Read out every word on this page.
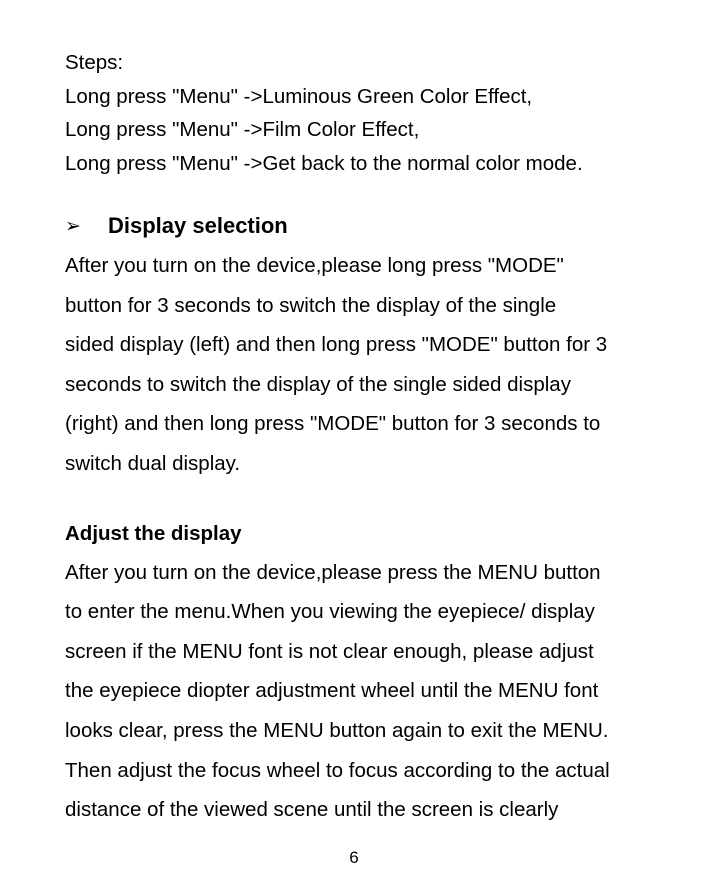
Steps:
Long press "Menu" ->Luminous Green Color Effect,
Long press "Menu" ->Film Color Effect,
Long press "Menu" ->Get back to the normal color mode.
➢	Display selection
After you turn on the device,please long press "MODE"
button for 3 seconds to switch the display of the single
sided display (left) and then long press "MODE" button for 3
seconds to switch the display of the single sided display
(right) and then long press "MODE" button for 3 seconds to
switch dual display.
Adjust the display
After you turn on the device,please press the MENU button
to enter the menu.When you viewing the eyepiece/ display
screen if the MENU font is not clear enough, please adjust
the eyepiece diopter adjustment wheel until the MENU font
looks clear, press the MENU button again to exit the MENU.
Then adjust the focus wheel to focus according to the actual
distance of the viewed scene until the screen is clearly
6
